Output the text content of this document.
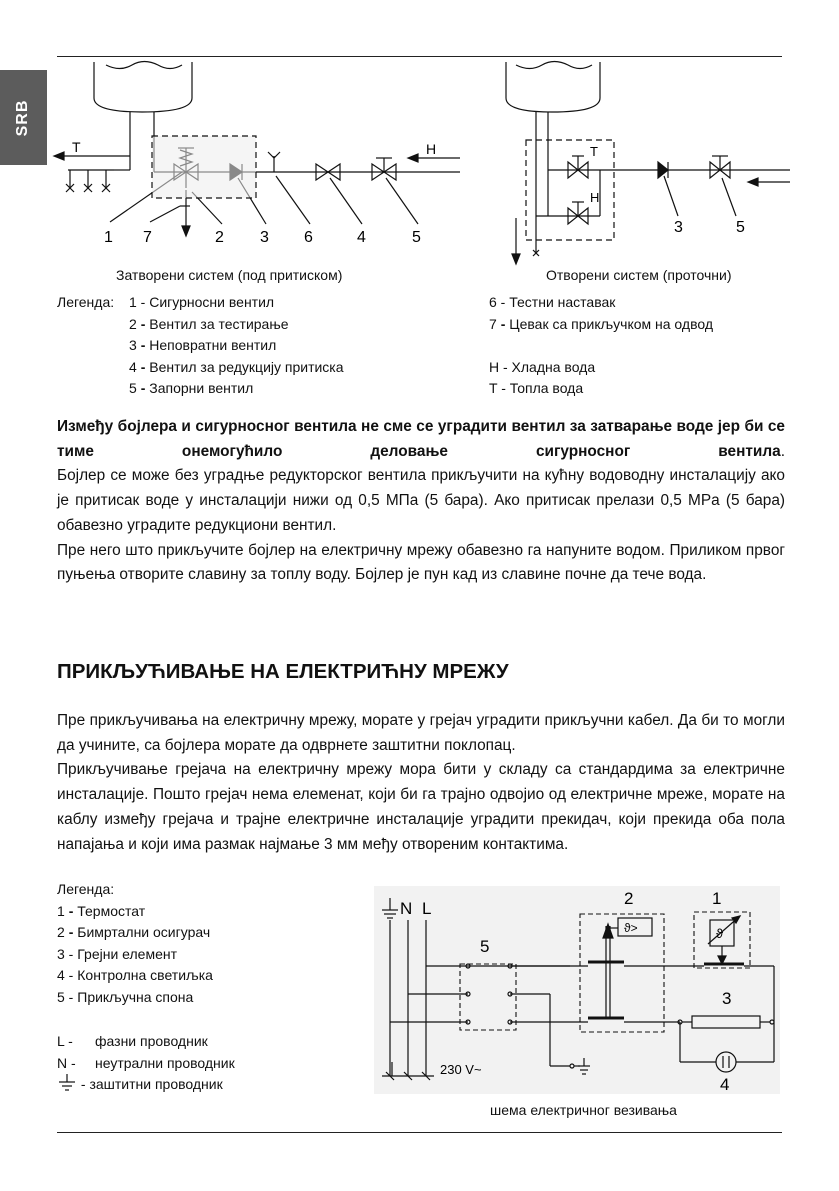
SRB
T	H
1 7	2 3 6	4	5
T
H
3	5
Затворени систем (под притиском)	Отворени систем (проточни)
Легенда: 1 - Сигурносни вентил
2 - Вентил за тестирање
3 - Неповратни вентил
4 - Вентил за редукцију притиска
5 - Запорни вентил
6 - Тестни наставак
7 - Цевак са прикључком на одвод
H - Хладна вода
T - Топла вода

Између бојлера и сигурносног вентила не сме се уградити вентил за затварање воде јер би се тиме онемогућило деловање сигурносног вентила.

Бојлер се може без уградње редукторског вентила прикључити на кућну водоводну инсталацију ако је притисак воде у инсталацији нижи од 0,5 МПа (5 бара). Ако притисак прелази 0,5 MPa (5 бара) обавезно уградите редукциони вентил.

Пре него што прикључите бојлер на електричну мрежу обавезно га напуните водом. Приликом првог пуњења отворите славину за топлу воду. Бојлер је пун кад из славине почне да тече вода.

ПРИКЉУЋИВАЊЕ НА ЕЛЕКТРИЋНУ МРЕЖУ

Пре прикључивања на електричну мрежу, морате у грејач уградити прикључни кабел. Да би то могли да учините, са бојлера морате да одврнете заштитни поклопац.

Прикључивање грејача на електричну мрежу мора бити у складу са стандардима за електричне инсталације. Пошто грејач нема елеменат, који би га трајно одвојио од електричне мреже, морате на каблу између грејача и трајне електричне инсталације уградити прекидач, који прекида оба пола напајања и који има размак најмање 3 мм међу отвореним контактима.

Легенда:
1 - Термостат
2 - Бимртални осигурач
3 - Грејни елемент
4 - Контролна светиљка
5 - Прикључна спона
L - фазни проводник
N - неутрални проводник
- заштитни проводник
N L
230 V~
5
2	1
3
4
ϑ>	ϑ
шема електричног везивања
